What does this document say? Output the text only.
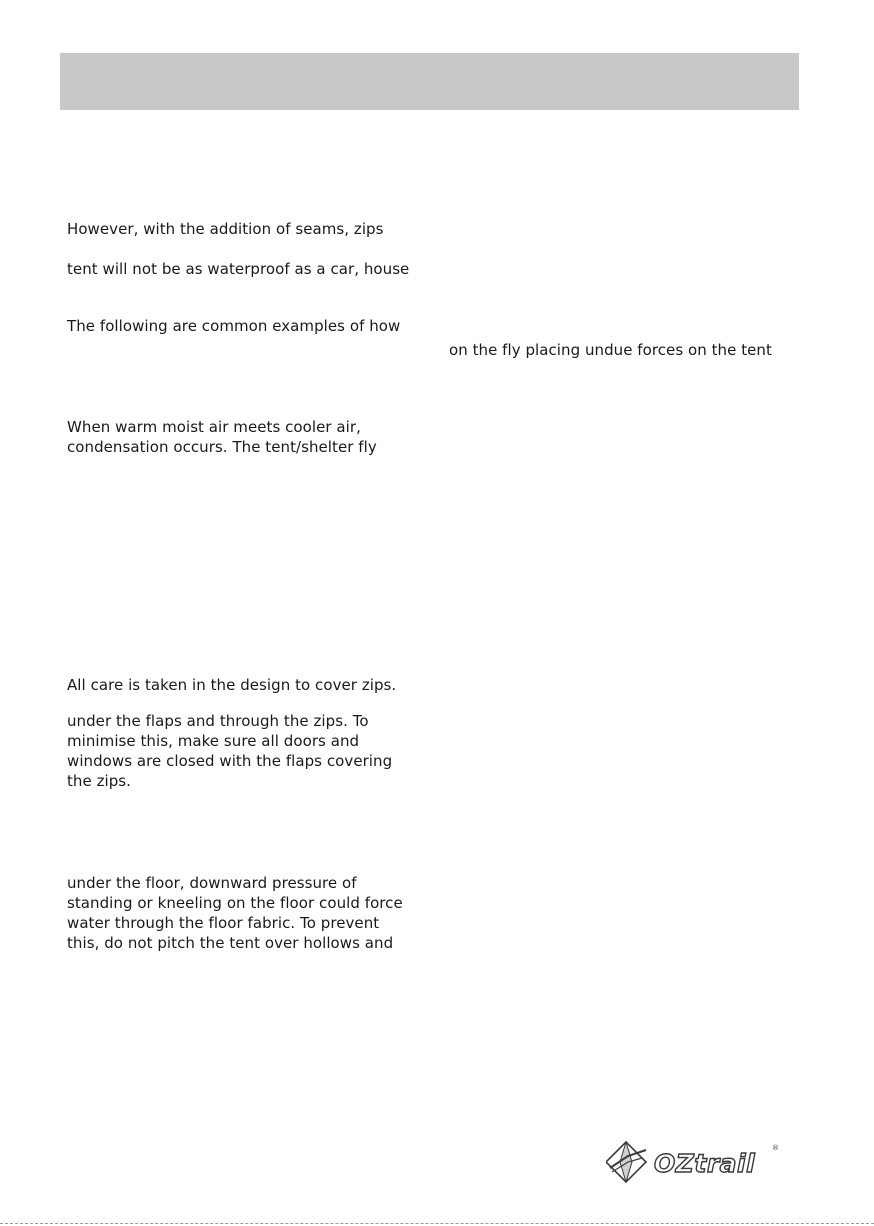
However, with the addition of seams, zips

tent will not be as waterproof as a car, house

The following are common examples of how

on the fly placing undue forces on the tent

When warm moist air meets cooler air,

condensation occurs. The tent/shelter fly

All care is taken in the design to cover zips.

under the flaps and through the zips. To

minimise this, make sure all doors and

windows are closed with the flaps covering

the zips.

under the floor, downward pressure of

standing or kneeling on the floor could force

water through the floor fabric. To prevent

this, do not pitch the tent over hollows and

OZtrail
®
